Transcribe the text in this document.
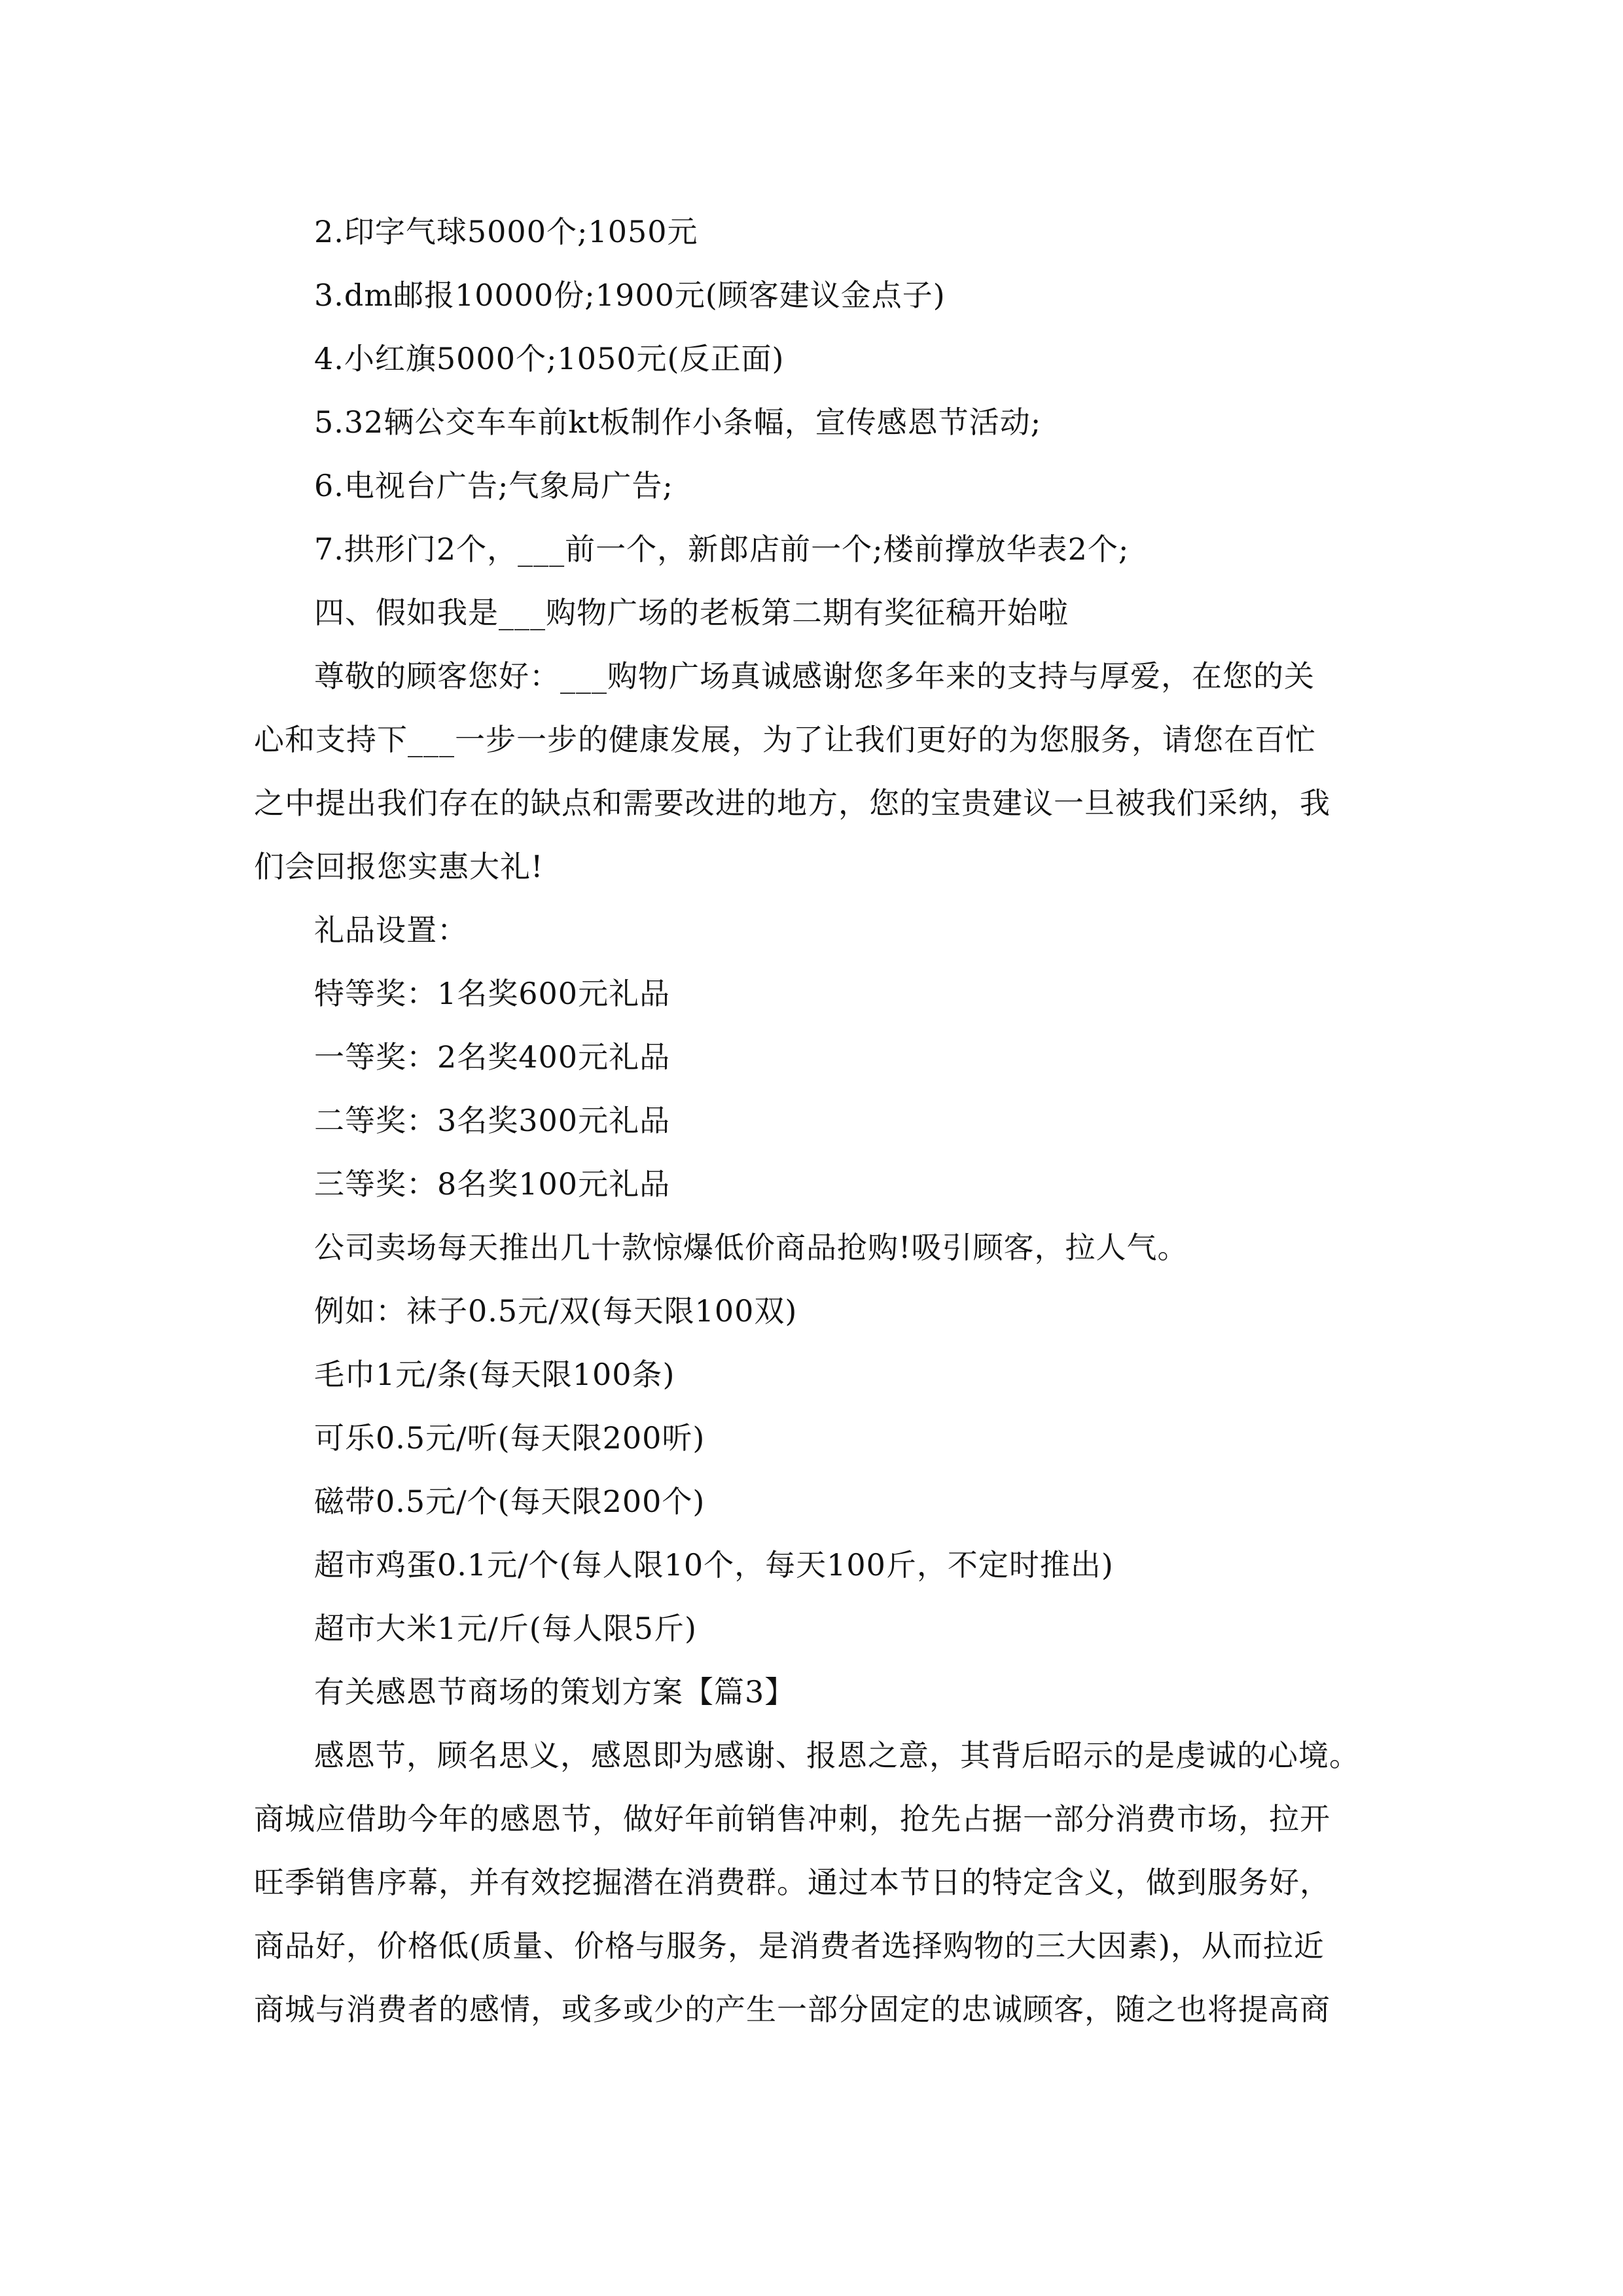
2.印字气球5000个;1050元
3.dm邮报10000份;1900元(顾客建议金点子)
4.小红旗5000个;1050元(反正面)
5.32辆公交车车前kt板制作小条幅，宣传感恩节活动;
6.电视台广告;气象局广告;
7.拱形门2个，___前一个，新郎店前一个;楼前撑放华表2个;
四、假如我是___购物广场的老板第二期有奖征稿开始啦
尊敬的顾客您好：___购物广场真诚感谢您多年来的支持与厚爱，在您的关
心和支持下___一步一步的健康发展，为了让我们更好的为您服务，请您在百忙
之中提出我们存在的缺点和需要改进的地方，您的宝贵建议一旦被我们采纳，我
们会回报您实惠大礼!
礼品设置：
特等奖：1名奖600元礼品
一等奖：2名奖400元礼品
二等奖：3名奖300元礼品
三等奖：8名奖100元礼品
公司卖场每天推出几十款惊爆低价商品抢购!吸引顾客，拉人气。
例如：袜子0.5元/双(每天限100双)
毛巾1元/条(每天限100条)
可乐0.5元/听(每天限200听)
磁带0.5元/个(每天限200个)
超市鸡蛋0.1元/个(每人限10个，每天100斤，不定时推出)
超市大米1元/斤(每人限5斤)
有关感恩节商场的策划方案【篇3】
感恩节，顾名思义，感恩即为感谢、报恩之意，其背后昭示的是虔诚的心境。
商城应借助今年的感恩节，做好年前销售冲刺，抢先占据一部分消费市场，拉开
旺季销售序幕，并有效挖掘潜在消费群。通过本节日的特定含义，做到服务好，
商品好，价格低(质量、价格与服务，是消费者选择购物的三大因素)，从而拉近
商城与消费者的感情，或多或少的产生一部分固定的忠诚顾客，随之也将提高商
